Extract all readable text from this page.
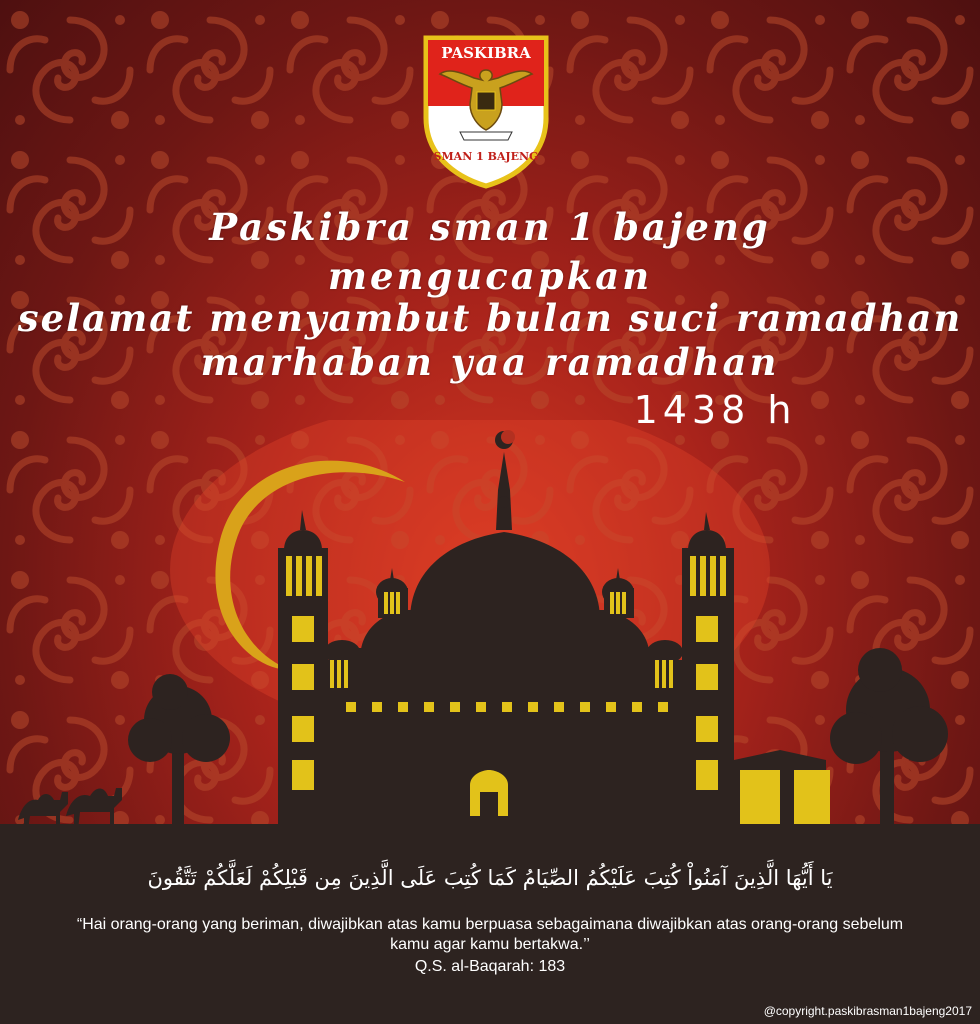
PASKIBRA
SMAN 1 BAJENG
Paskibra sman 1 bajeng
mengucapkan
selamat menyambut bulan suci ramadhan
marhaban yaa ramadhan
1438 h
يَا أَيُّهَا الَّذِينَ آمَنُواْ كُتِبَ عَلَيْكُمُ الصِّيَامُ كَمَا كُتِبَ عَلَى الَّذِينَ مِن قَبْلِكُمْ لَعَلَّكُمْ تَتَّقُونَ
“Hai orang-orang yang beriman, diwajibkan atas kamu berpuasa sebagaimana diwajibkan atas orang-orang sebelum kamu agar kamu bertakwa.’’
Q.S. al-Baqarah: 183
@copyright.paskibrasman1bajeng2017
